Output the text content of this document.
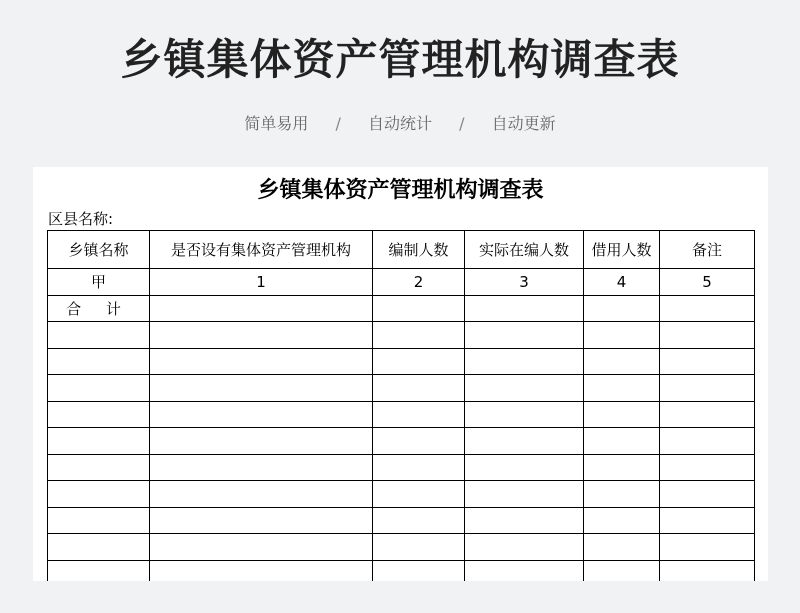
乡镇集体资产管理机构调查表
简单易用 / 自动统计 / 自动更新
乡镇集体资产管理机构调查表
区县名称:
乡镇名称	是否设有集体资产管理机构	编制人数	实际在编人数	借用人数	备注
甲	1	2	3	4	5
合 计					
